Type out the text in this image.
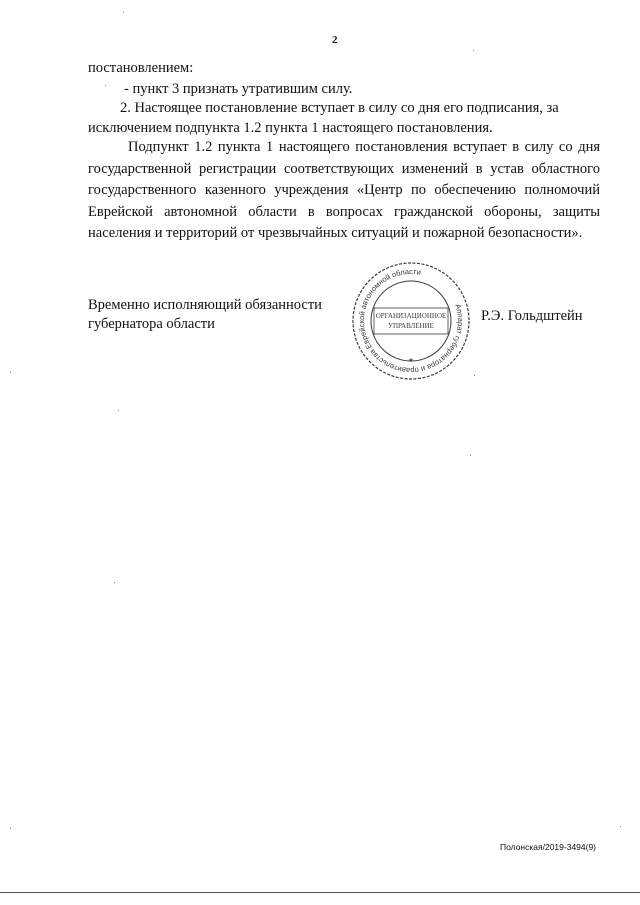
2
постановлением:
- пункт 3 признать утратившим силу.
2. Настоящее постановление вступает в силу со дня его подписания, за
исключением подпункта 1.2 пункта 1 настоящего постановления.
Подпункт 1.2 пункта 1 настоящего постановления вступает в силу со дня государственной регистрации соответствующих изменений в устав областного государственного казенного учреждения «Центр по обеспечению полномочий Еврейской автономной области в вопросах гражданской обороны, защиты населения и территорий от чрезвычайных ситуаций и пожарной безопасности».
Временно исполняющий обязанности
губернатора области
Аппарат губернатора и правительства Еврейской автономной области
ОРГАНИЗАЦИОННОЕ
УПРАВЛЕНИЕ
★
Р.Э. Гольдштейн
Полонская/2019-3494(9)
